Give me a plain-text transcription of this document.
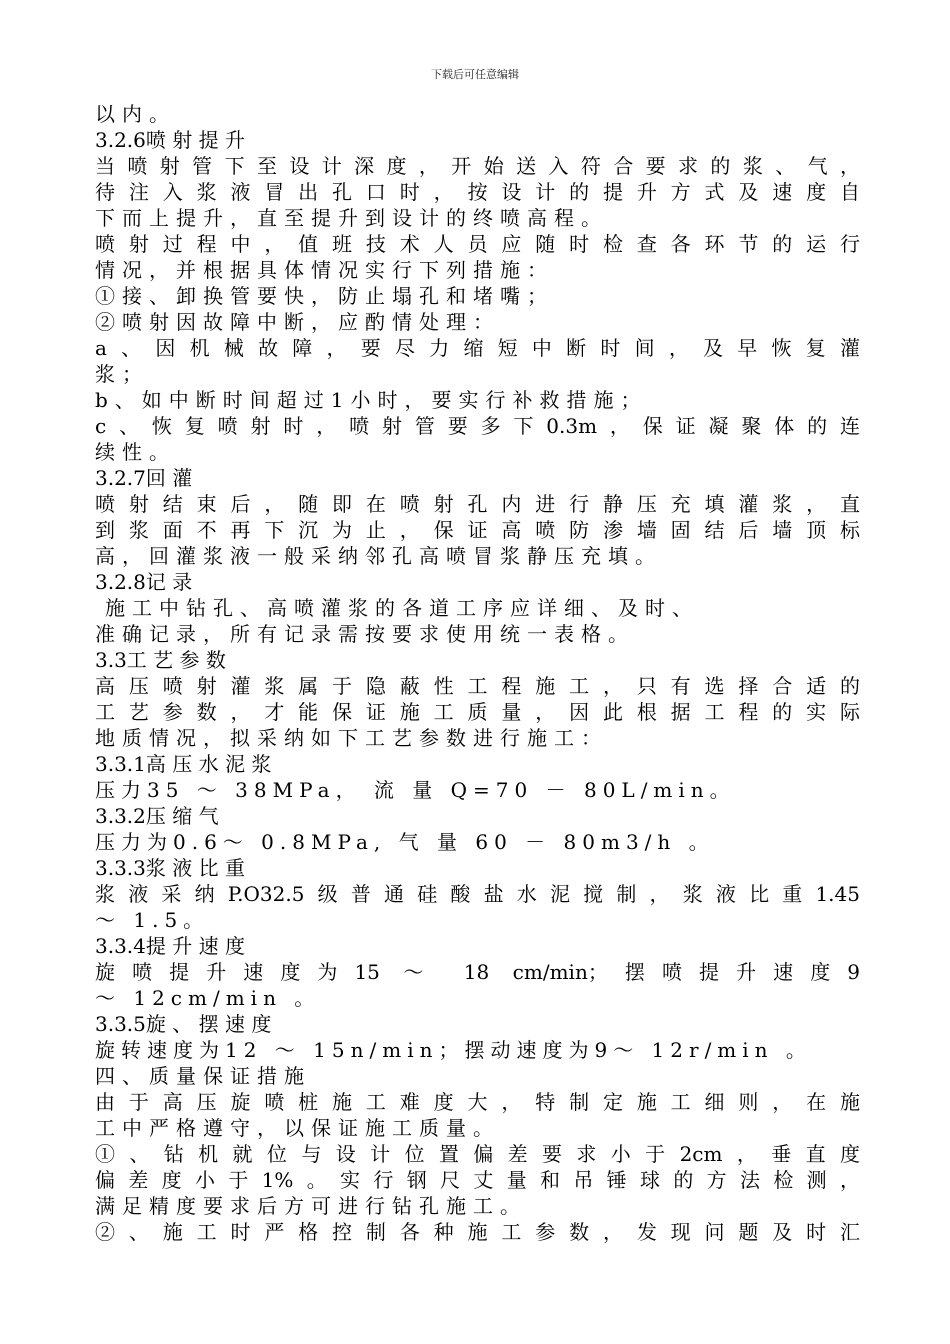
下载后可任意编辑
以内。
3.2.6喷 射 提 升
当喷射管下至设计深度，开始送入符合要求的浆、气，
待注入浆液冒出孔口时，按设计的提升方式及速度自
下而上提升，直至提升到设计的终喷高程。
喷射过程中，值班技术人员应随时检查各环节的运行
情况，并根据具体情况实行下列措施：
①接、卸换管要快，防止塌孔和堵嘴；
②喷射因故障中断，应酌情处理：
a、因机械故障，要尽力缩短中断时间，及早恢复灌
浆；
b、如中断时间超过1小时，要实行补救措施；
c、恢复喷射时，喷射管要多下0.3m，保证凝聚体的连
续性。
3.2.7回 灌
喷射结束后，随即在喷射孔内进行静压充填灌浆，直
到浆面不再下沉为止，保证高喷防渗墙固结后墙顶标
高，回灌浆液一般采纳邻孔高喷冒浆静压充填。
3.2.8记 录
施工中钻孔、高喷灌浆的各道工序应详细、及时、
准确记录，所有记录需按要求使用统一表格。
3.3工 艺 参 数
高压喷射灌浆属于隐蔽性工程施工，只有选择合适的
工艺参数，才能保证施工质量，因此根据工程的实际
地质情况，拟采纳如下工艺参数进行施工：
3.3.1高 压 水 泥 浆
压力35 ～ 38MPa， 流 量 Q=70 － 80L/min。
3.3.2压 缩 气
压力为0.6～ 0.8MPa, 气 量 60 － 80m3/h 。
3.3.3浆 液 比 重
浆液采纳P.O32.5级普通硅酸盐水泥搅制，浆液比重1.45
～ 1.5。
3.3.4提 升 速 度
旋喷提升速度为15 ～ 18 cm/min；摆喷提升速度9
～ 12cm/min 。
3.3.5旋 、 摆 速 度
旋转速度为12 ～ 15n/min；摆动速度为9～ 12r/min 。
四、质量保证措施
由于高压旋喷桩施工难度大，特制定施工细则，在施
工中严格遵守，以保证施工质量。
①、钻机就位与设计位置偏差要求小于2cm，垂直度
偏差度小于1%。实行钢尺丈量和吊锤球的方法检测，
满足精度要求后方可进行钻孔施工。
②、施工时严格控制各种施工参数，发现问题及时汇
